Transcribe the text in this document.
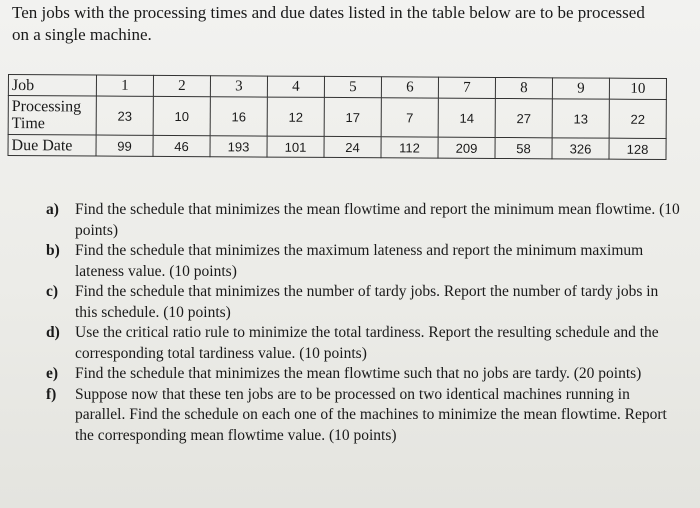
Ten jobs with the processing times and due dates listed in the table below are to be processed
on a single machine.
Job	1	2	3	4	5	6	7	8	9	10
Processing
Time	23	10	16	12	17	7	14	27	13	22
Due Date	99	46	193	101	24	112	209	58	326	128
a) Find the schedule that minimizes the mean flowtime and report the minimum mean flowtime. (10 points)
b) Find the schedule that minimizes the maximum lateness and report the minimum maximum lateness value. (10 points)
c) Find the schedule that minimizes the number of tardy jobs. Report the number of tardy jobs in this schedule. (10 points)
d) Use the critical ratio rule to minimize the total tardiness. Report the resulting schedule and the corresponding total tardiness value. (10 points)
e) Find the schedule that minimizes the mean flowtime such that no jobs are tardy. (20 points)
f) Suppose now that these ten jobs are to be processed on two identical machines running in parallel. Find the schedule on each one of the machines to minimize the mean flowtime. Report the corresponding mean flowtime value. (10 points)
